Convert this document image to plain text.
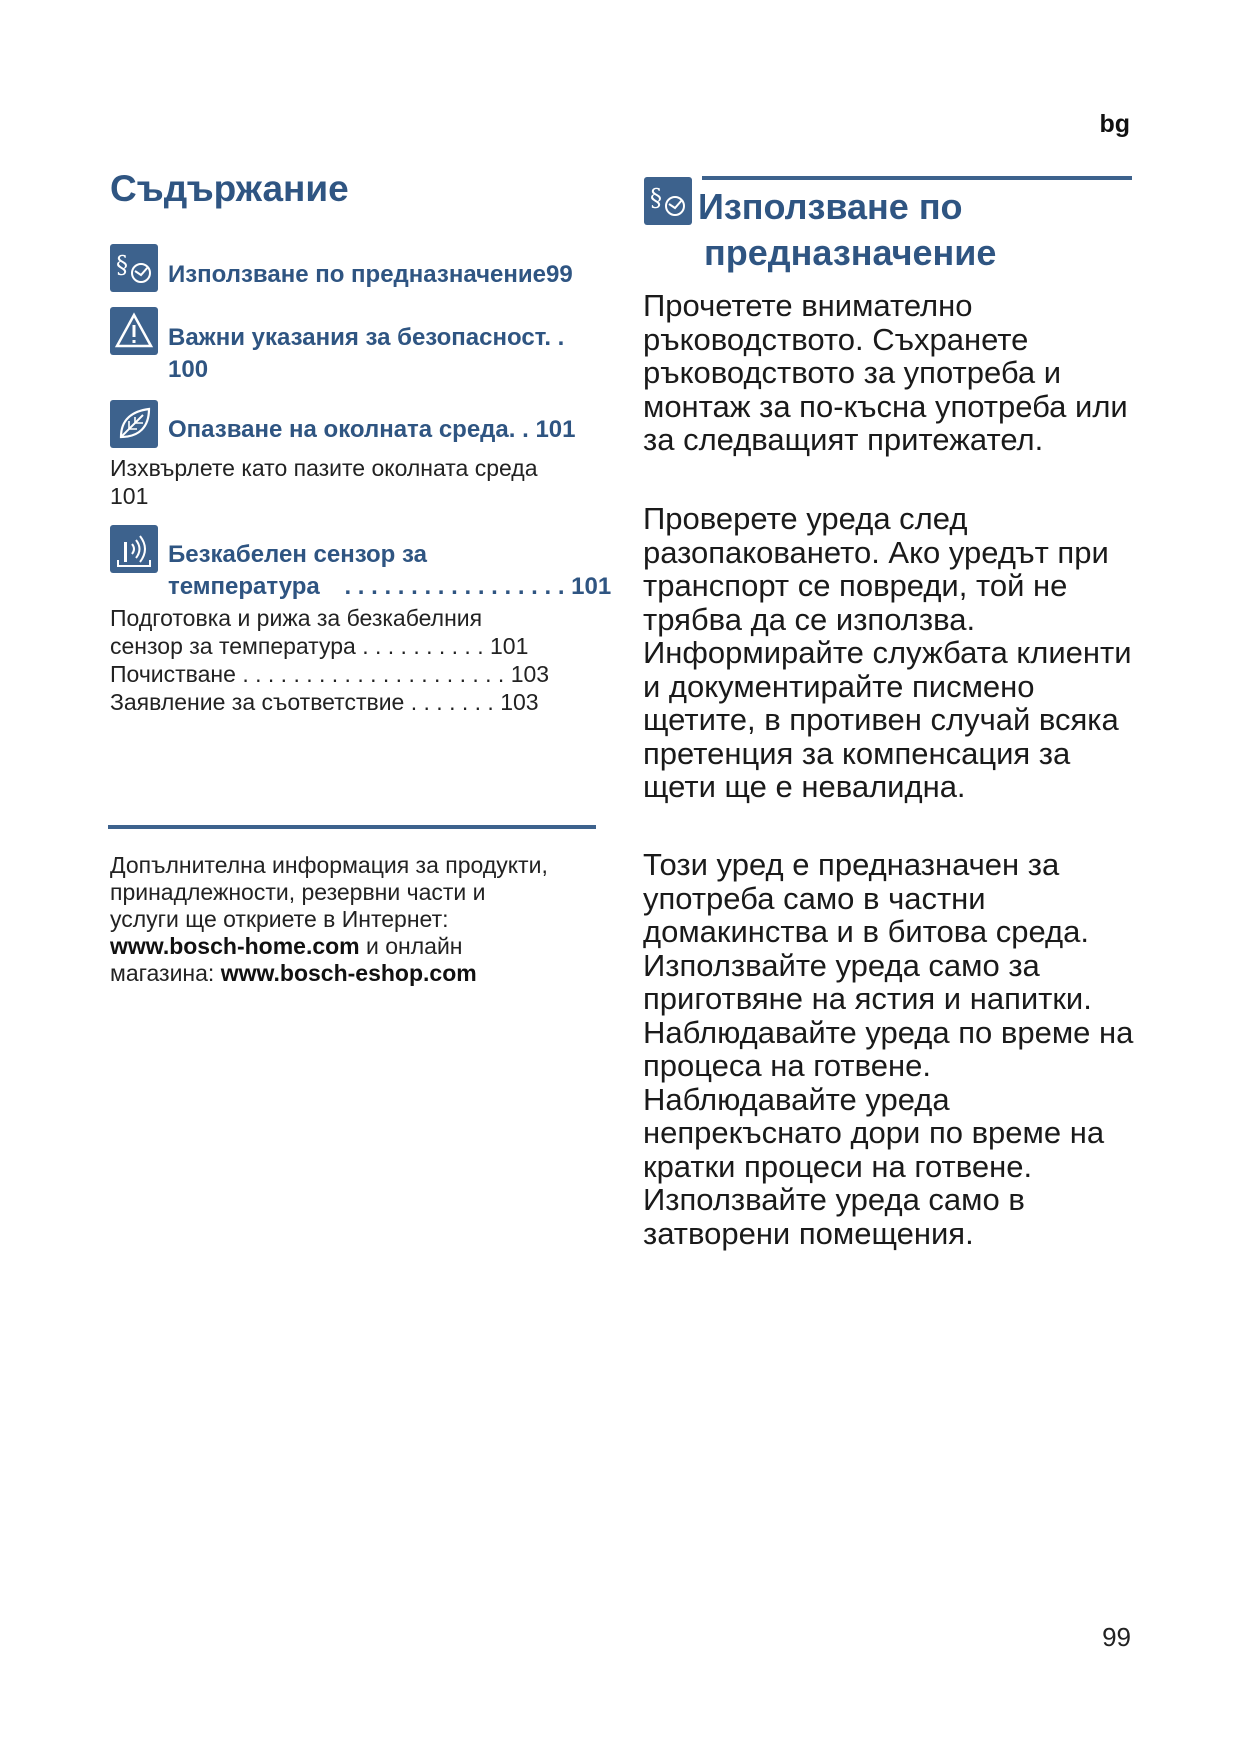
bg
Съдържание
§ Използване по предназначение99
Важни указания за безопасност. .
100
Опазване на околната среда. . 101
Изхвърлете като пазите околната среда
101
Безкабелен сензор за
температура . . . . . . . . . . . . . . . . . 101
Подготовка и рижа за безкабелния
сензор за температура . . . . . . . . . . 101
Почистване . . . . . . . . . . . . . . . . . . . . . 103
Заявление за съответствие . . . . . . . 103
Допълнителна информация за продукти,
принадлежности, резервни части и
услуги ще откриете в Интернет:
www.bosch-home.com и онлайн
магазина: www.bosch-eshop.com
§ Използване по
предназначение
Прочетете внимателно ръководството. Съхранете ръководството за употреба и монтаж за по-късна употреба или за следващият притежател.
Проверете уреда след разопаковането. Ако уредът при транспорт се повреди, той не трябва да се използва. Информирайте службата клиенти и документирайте писмено щетите, в противен случай всяка претенция за компенсация за щети ще е невалидна.
Този уред е предназначен за употреба само в частни домакинства и в битова среда. Използвайте уреда само за приготвяне на ястия и напитки. Наблюдавайте уреда по време на процеса на готвене. Наблюдавайте уреда непрекъснато дори по време на кратки процеси на готвене. Използвайте уреда само в затворени помещения.
99
